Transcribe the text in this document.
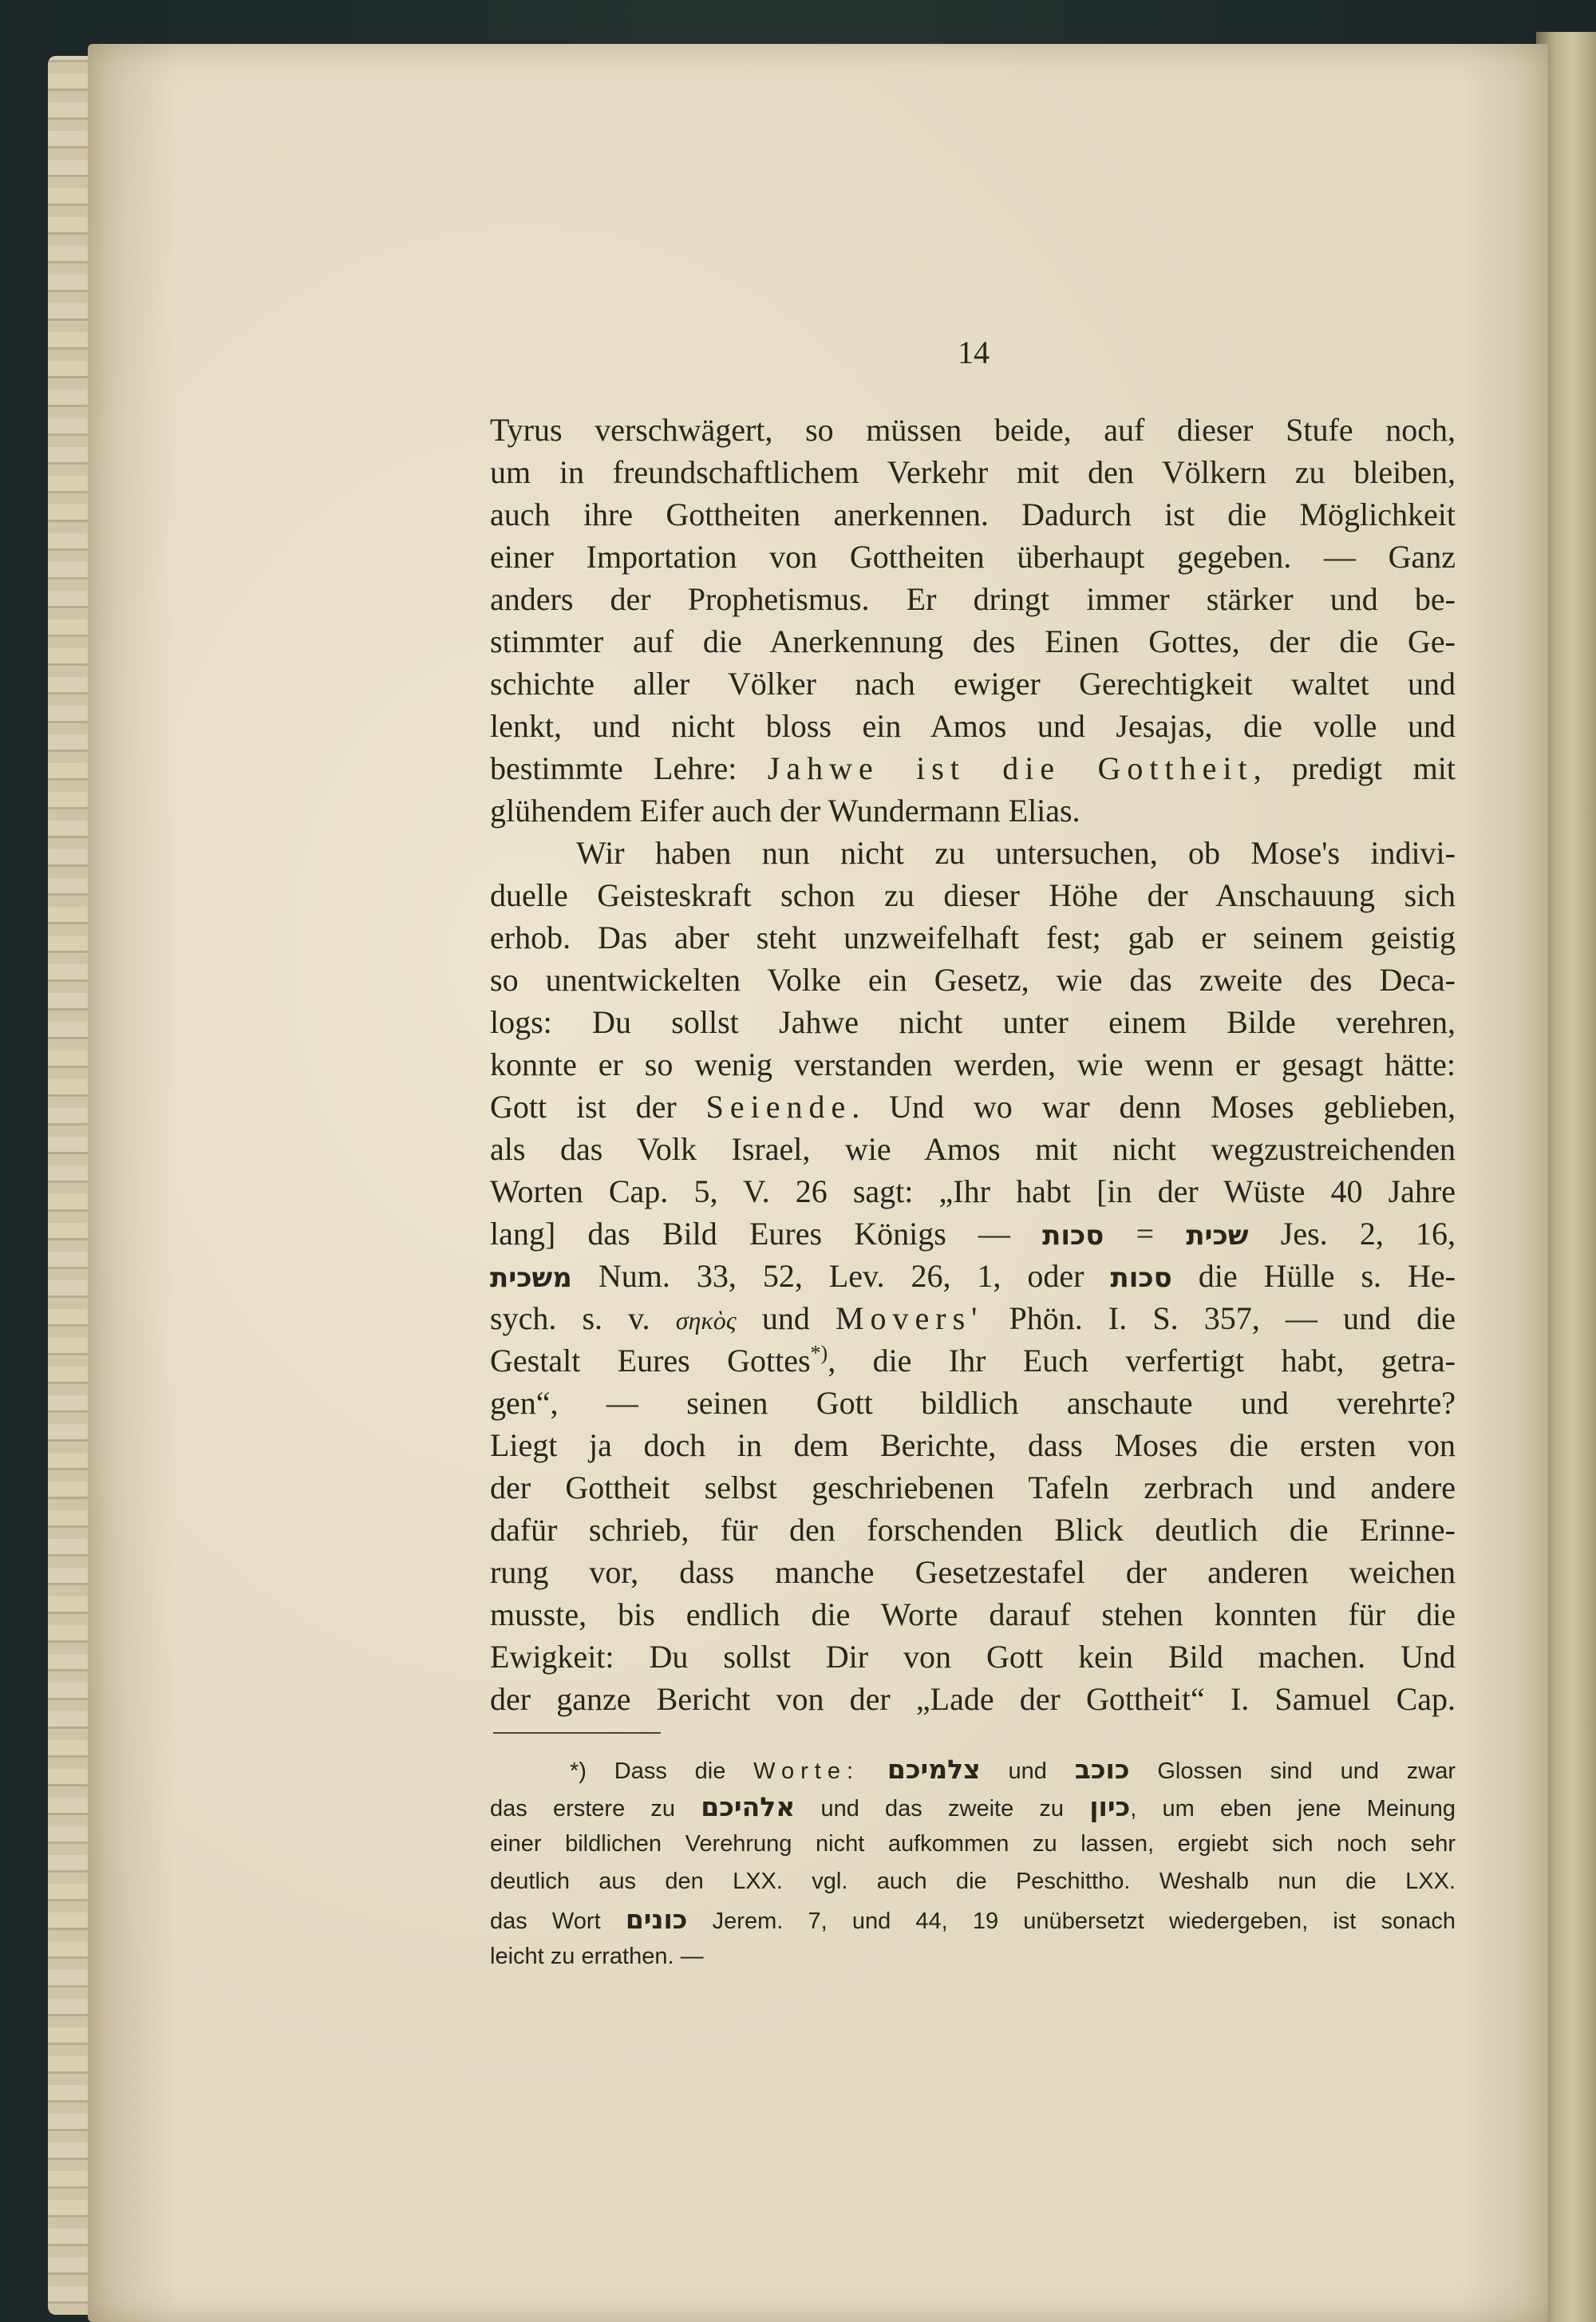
14
Tyrus verschwägert, so müssen beide, auf dieser Stufe noch,
um in freundschaftlichem Verkehr mit den Völkern zu bleiben,
auch ihre Gottheiten anerkennen. Dadurch ist die Möglichkeit
einer Importation von Gottheiten überhaupt gegeben. — Ganz
anders der Prophetismus. Er dringt immer stärker und be-
stimmter auf die Anerkennung des Einen Gottes, der die Ge-
schichte aller Völker nach ewiger Gerechtigkeit waltet und
lenkt, und nicht bloss ein Amos und Jesajas, die volle und
bestimmte Lehre: Jahwe ist die Gottheit, predigt mit
glühendem Eifer auch der Wundermann Elias.
Wir haben nun nicht zu untersuchen, ob Mose's indivi-
duelle Geisteskraft schon zu dieser Höhe der Anschauung sich
erhob. Das aber steht unzweifelhaft fest; gab er seinem geistig
so unentwickelten Volke ein Gesetz, wie das zweite des Deca-
logs: Du sollst Jahwe nicht unter einem Bilde verehren,
konnte er so wenig verstanden werden, wie wenn er gesagt hätte:
Gott ist der Seiende. Und wo war denn Moses geblieben,
als das Volk Israel, wie Amos mit nicht wegzustreichenden
Worten Cap. 5, V. 26 sagt: „Ihr habt [in der Wüste 40 Jahre
lang] das Bild Eures Königs — סכות = שכית Jes. 2, 16,
משכית Num. 33, 52, Lev. 26, 1, oder סכות die Hülle s. He-
sych. s. v. σηκὸς und Movers' Phön. I. S. 357, — und die
Gestalt Eures Gottes*), die Ihr Euch verfertigt habt, getra-
gen“, — seinen Gott bildlich anschaute und verehrte?
Liegt ja doch in dem Berichte, dass Moses die ersten von
der Gottheit selbst geschriebenen Tafeln zerbrach und andere
dafür schrieb, für den forschenden Blick deutlich die Erinne-
rung vor, dass manche Gesetzestafel der anderen weichen
musste, bis endlich die Worte darauf stehen konnten für die
Ewigkeit: Du sollst Dir von Gott kein Bild machen. Und
der ganze Bericht von der „Lade der Gottheit“ I. Samuel Cap.
*) Dass die Worte: צלמיכם und כוכב Glossen sind und zwar
das erstere zu אלהיכם und das zweite zu כיון, um eben jene Meinung
einer bildlichen Verehrung nicht aufkommen zu lassen, ergiebt sich noch sehr
deutlich aus den LXX. vgl. auch die Peschittho. Weshalb nun die LXX.
das Wort כונים Jerem. 7, und 44, 19 unübersetzt wiedergeben, ist sonach
leicht zu errathen. —
